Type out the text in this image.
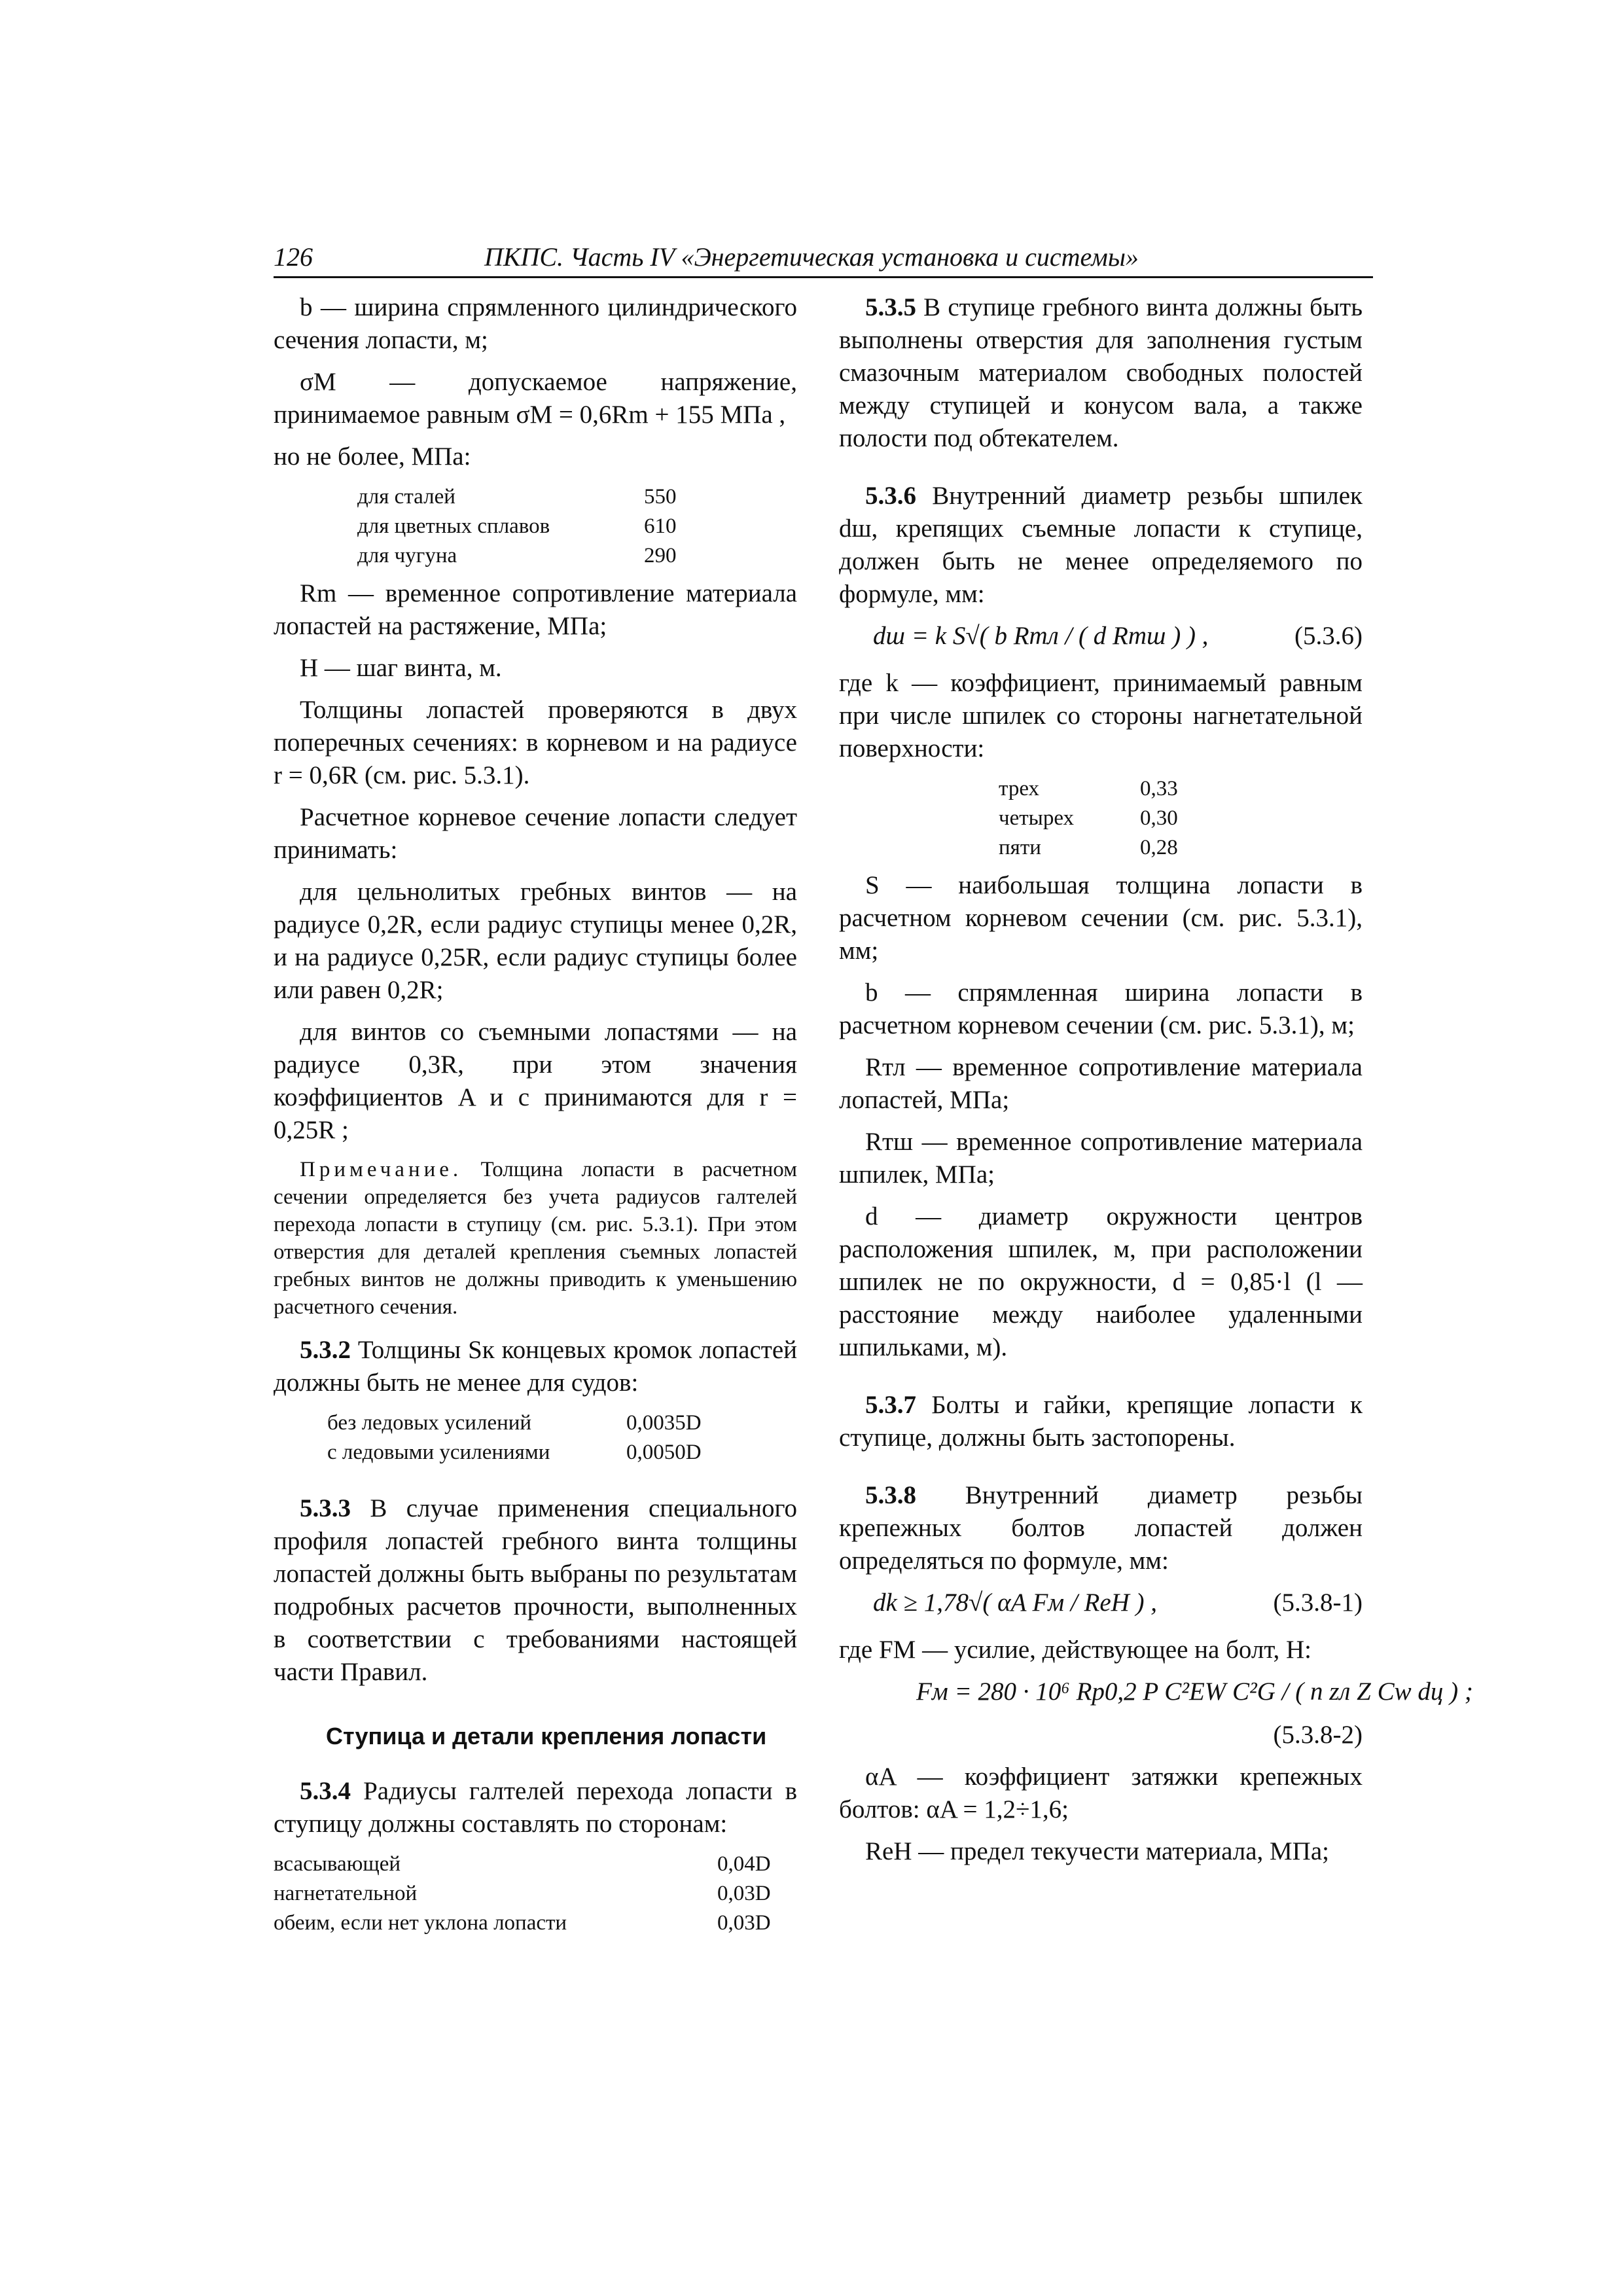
126	ПКПС. Часть IV «Энергетическая установка и системы»

b — ширина спрямленного цилиндрического сечения лопасти, м;

σМ — допускаемое напряжение, принимаемое равным σМ = 0,6Rm + 155 МПа ,

но не более, МПа:

для сталей	550
для цветных сплавов	610
для чугуна	290

Rm — временное сопротивление материала лопастей на растяжение, МПа;

H — шаг винта, м.

Толщины лопастей проверяются в двух поперечных сечениях: в корневом и на радиусе r = 0,6R (см. рис. 5.3.1).

Расчетное корневое сечение лопасти следует принимать:

для цельнолитых гребных винтов — на радиусе 0,2R, если радиус ступицы менее 0,2R, и на радиусе 0,25R, если радиус ступицы более или равен 0,2R;

для винтов со съемными лопастями — на радиусе 0,3R, при этом значения коэффициентов A и c принимаются для r = 0,25R ;

Примечание. Толщина лопасти в расчетном сечении определяется без учета радиусов галтелей перехода лопасти в ступицу (см. рис. 5.3.1). При этом отверстия для деталей крепления съемных лопастей гребных винтов не должны приводить к уменьшению расчетного сечения.

5.3.2 Толщины Sк концевых кромок лопастей должны быть не менее для судов:

без ледовых усилений	0,0035D
с ледовыми усилениями	0,0050D

5.3.3 В случае применения специального профиля лопастей гребного винта толщины лопастей должны быть выбраны по результатам подробных расчетов прочности, выполненных в соответствии с требованиями настоящей части Правил.

Ступица и детали крепления лопасти

5.3.4 Радиусы галтелей перехода лопасти в ступицу должны составлять по сторонам:

всасывающей	0,04D
нагнетательной	0,03D
обеим, если нет уклона лопасти	0,03D

5.3.5 В ступице гребного винта должны быть выполнены отверстия для заполнения густым смазочным материалом свободных полостей между ступицей и конусом вала, а также полости под обтекателем.

5.3.6 Внутренний диаметр резьбы шпилек dш, крепящих съемные лопасти к ступице, должен быть не менее определяемого по формуле, мм:

dш = k S√( b Rтл / ( d Rтш ) ) ,	(5.3.6)

где k — коэффициент, принимаемый равным при числе шпилек со стороны нагнетательной поверхности:

трех	0,33
четырех	0,30
пяти	0,28

S — наибольшая толщина лопасти в расчетном корневом сечении (см. рис. 5.3.1), мм;

b — спрямленная ширина лопасти в расчетном корневом сечении (см. рис. 5.3.1), м;

Rтл — временное сопротивление материала лопастей, МПа;

Rтш — временное сопротивление материала шпилек, МПа;

d — диаметр окружности центров расположения шпилек, м, при расположении шпилек не по окружности, d = 0,85·l (l — расстояние между наиболее удаленными шпильками, м).

5.3.7 Болты и гайки, крепящие лопасти к ступице, должны быть застопорены.

5.3.8 Внутренний диаметр резьбы крепежных болтов лопастей должен определяться по формуле, мм:

dk ≥ 1,78√( αA Fм / ReH ) ,	(5.3.8-1)

где FМ — усилие, действующее на болт, Н:

Fм = 280 · 10⁶ Rp0,2 P C²EW C²G / ( n zл Z Cw dц ) ;

(5.3.8-2)

αA — коэффициент затяжки крепежных болтов: αA = 1,2÷1,6;

ReH — предел текучести материала, МПа;
